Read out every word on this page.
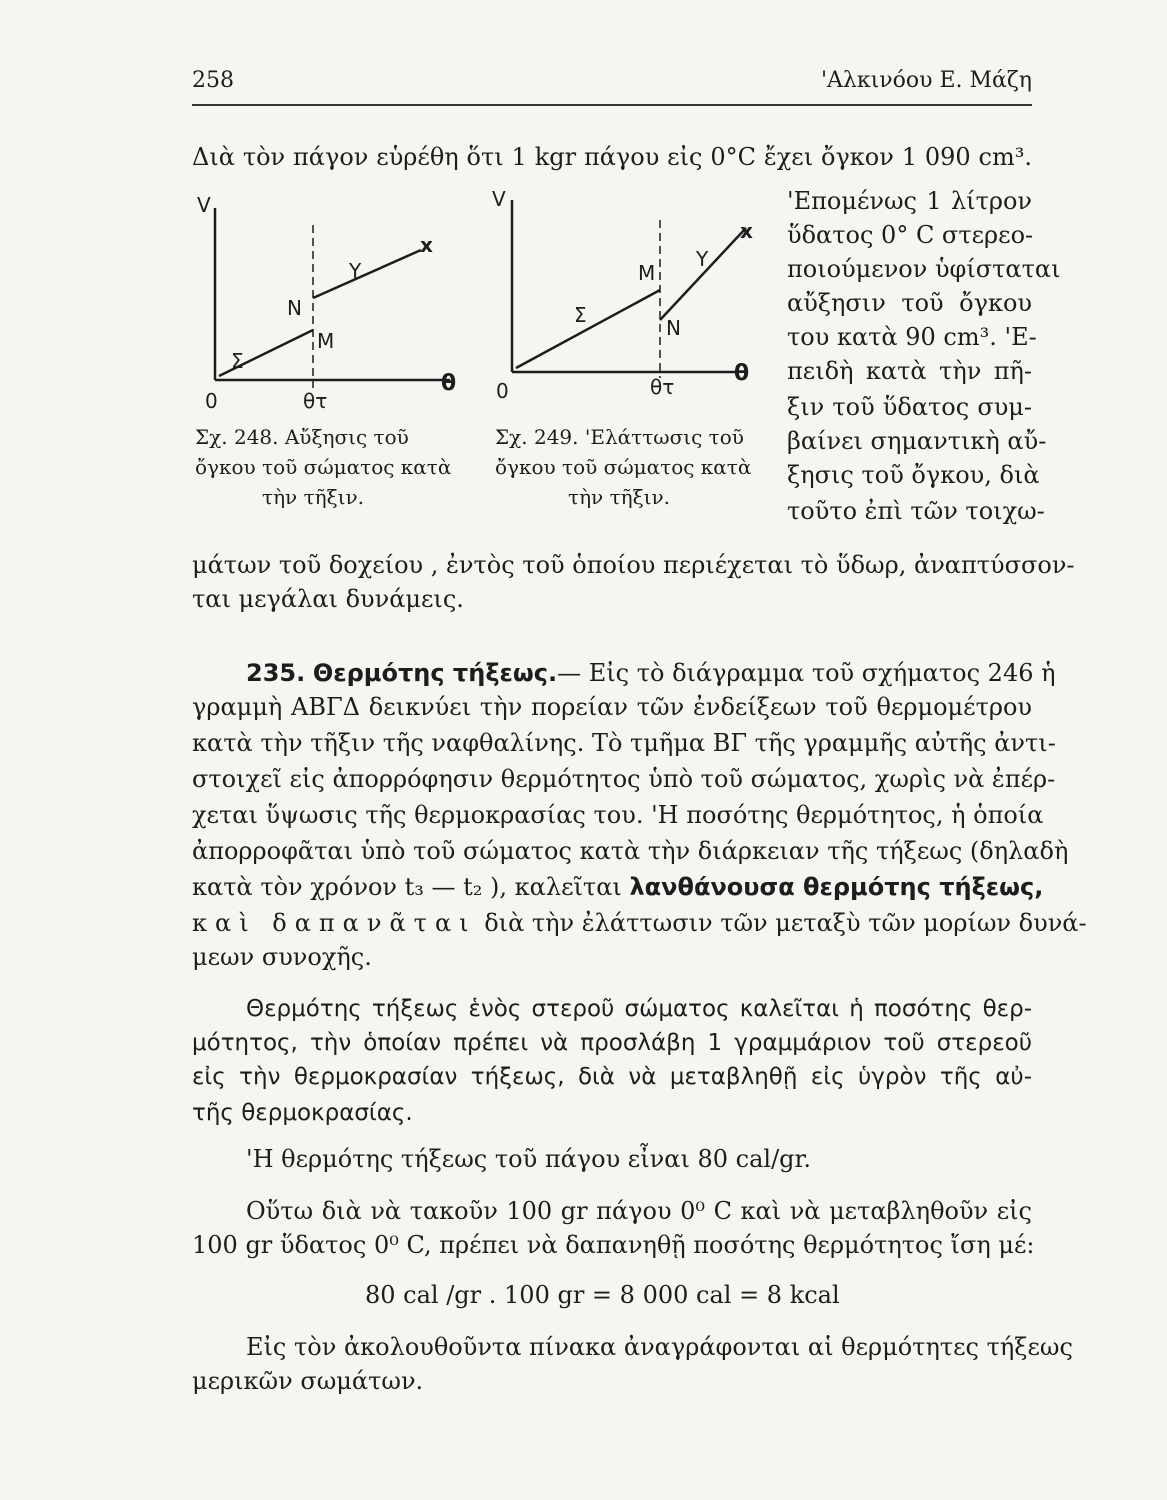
258	'Αλκινόου Ε. Μάζη
Διὰ τὸν πάγον εὑρέθη ὅτι 1 kgr πάγου εἰς 0°C ἔχει ὄγκον 1 090 cm³.
V
Y
x
N
M
Σ
θ
0	θτ
Σχ. 248. Αὔξησις τοῦ
ὄγκου τοῦ σώματος κατὰ
τὴν τῆξιν.
V
Y
x
M
N
Σ
θ
0	θτ
Σχ. 249. 'Ελάττωσις τοῦ
ὄγκου τοῦ σώματος κατὰ
τὴν τῆξιν.
'Επομένως 1 λίτρον
ὕδατος 0° C στερεο-
ποιούμενον ὑφίσταται
αὔξησιν τοῦ ὄγκου
του κατὰ 90 cm³. 'Ε-
πειδὴ κατὰ τὴν πῆ-
ξιν τοῦ ὕδατος συμ-
βαίνει σημαντικὴ αὔ-
ξησις τοῦ ὄγκου, διὰ
τοῦτο ἐπὶ τῶν τοιχω-
μάτων τοῦ δοχείου , ἐντὸς τοῦ ὁποίου περιέχεται τὸ ὕδωρ, ἀναπτύσσον-
ται μεγάλαι δυνάμεις.
235. Θερμότης τήξεως.— Εἰς τὸ διάγραμμα τοῦ σχήματος 246 ἡ
γραμμὴ ΑΒΓΔ δεικνύει τὴν πορείαν τῶν ἐνδείξεων τοῦ θερμομέτρου
κατὰ τὴν τῆξιν τῆς ναφθαλίνης. Τὸ τμῆμα ΒΓ τῆς γραμμῆς αὐτῆς ἀντι-
στοιχεῖ εἰς ἀπορρόφησιν θερμότητος ὑπὸ τοῦ σώματος, χωρὶς νὰ ἐπέρ-
χεται ὕψωσις τῆς θερμοκρασίας του. 'Η ποσότης θερμότητος, ἡ ὁποία
ἀπορροφᾶται ὑπὸ τοῦ σώματος κατὰ τὴν διάρκειαν τῆς τήξεως (δηλαδὴ
κατὰ τὸν χρόνον t₃ — t₂ ), καλεῖται λανθάνουσα θερμότης τήξεως,
καὶ δαπανᾶται διὰ τὴν ἐλάττωσιν τῶν μεταξὺ τῶν μορίων δυνά-
μεων συνοχῆς.
Θερμότης τήξεως ἑνὸς στεροῦ σώματος καλεῖται ἡ ποσότης θερ-
μότητος, τὴν ὁποίαν πρέπει νὰ προσλάβη 1 γραμμάριον τοῦ στερεοῦ
εἰς τὴν θερμοκρασίαν τήξεως, διὰ νὰ μεταβληθῇ εἰς ὑγρὸν τῆς αὐ-
τῆς θερμοκρασίας.
'Η θερμότης τήξεως τοῦ πάγου εἶναι 80 cal/gr.
Οὕτω διὰ νὰ τακοῦν 100 gr πάγου 0⁰ C καὶ νὰ μεταβληθοῦν εἰς
100 gr ὕδατος 0⁰ C, πρέπει νὰ δαπανηθῇ ποσότης θερμότητος ἴση μέ:
80 cal /gr . 100 gr = 8 000 cal = 8 kcal
Εἰς τὸν ἀκολουθοῦντα πίνακα ἀναγράφονται αἱ θερμότητες τήξεως
μερικῶν σωμάτων.
